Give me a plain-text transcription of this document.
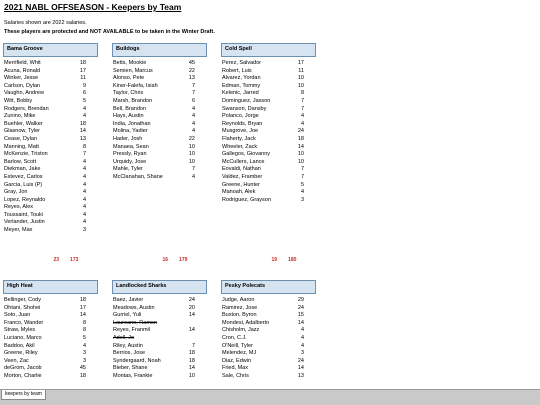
2021 NABL OFFSEASON - Keepers by Team
Salaries shown are 2022 salaries.
These players are protected and NOT AVAILABLE to be taken in the Winter Draft.
Bama Groove
Merrifield, Whit	18
Acuna, Ronald	17
Winker, Jesse	11
Carlson, Dylan	9
Vaughn, Andrew	6
Witt, Bobby	5
Rodgers, Brendan	4
Zunino, Mike	4
Buehler, Walker	18
Glasnow, Tyler	14
Cease, Dylan	13
Manning, Matt	8
McKenzie, Triston	7
Barlow, Scott	4
Diekman, Jake	4
Estevez, Carlos	4
Garcia, Luis (P)	4
Gray, Jon	4
Lopez, Reynaldo	4
Reyes, Alex	4
Toussaint, Touki	4
Verlander, Justin	4
Meyer, Max	3
Buildogs
Betts, Mookie	45
Semien, Marcus	22
Alonso, Pete	13
Kiner-Falefa, Isiah	7
Taylor, Chris	7
Marsh, Brandon	6
Bell, Brandon	4
Hays, Austin	4
India, Jonathan	4
Molina, Yadier	4
Hader, Josh	22
Manaea, Sean	10
Pressly, Ryan	10
Urquidy, Jose	10
Mahle, Tyler	7
McClanahan, Shane	4
Cold Spell
Perez, Salvador	17
Robert, Luis	11
Alvarez, Yordan	10
Edman, Tommy	10
Kelenic, Jarred	8
Dominguez, Jasson	7
Swanson, Dansby	7
Polanco, Jorge	4
Reynolds, Bryan	4
Musgrove, Joe	24
Flaherty, Jack	18
Wheeler, Zack	14
Gallegos, Giovanny	10
McCullers, Lance	10
Eovaldi, Nathan	7
Valdez, Framber	7
Greene, Hunter	5
Manoah, Alek	4
Rodriguez, Grayson	3
23 173	16 179	19 180
High Heat
Bellinger, Cody	18
Ohtani, Shohei	17
Soto, Juan	14
Franco, Wander	8
Straw, Myles	8
Luciano, Marco	5
Baddoo, Akil	4
Greene, Riley	3
Veen, Zac	3
deGrom, Jacob	45
Morton, Charlie	18
Landlocked Sharks
Baez, Javier	24
Meadows, Austin	20
Gurriel, Yuli	14
Laureano, Ramon
Reyes, Franmil	14
Adell, Jo
Riley, Austin	7
Berrios, Jose	18
Syndergaard, Noah	18
Bieber, Shane	14
Montas, Frankie	10
Pesky Polecats
Judge, Aaron	29
Ramirez, Jose	24
Buxton, Byron	15
Mondesi, Adalberto	14
Chisholm, Jazz	4
Cron, C.J.	4
O'Neill, Tyler	4
Melendez, MJ	3
Diaz, Edwin	24
Fried, Max	14
Sale, Chris	13
keepers by team
